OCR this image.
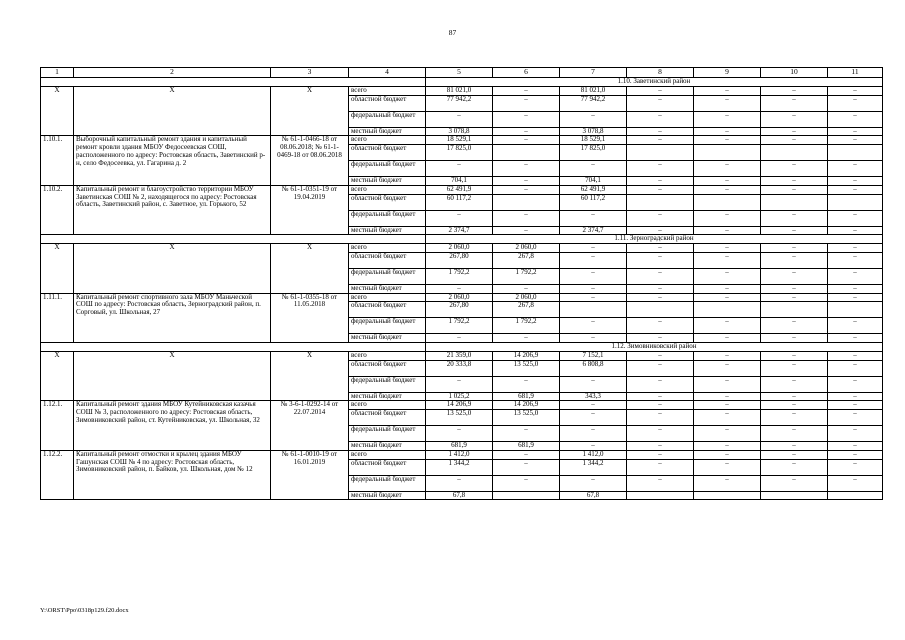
87
1	2	3	4	5	6	7	8	9	10	11
				1.10. Заветинский район						
Х	Х	Х	всего	81 021,0	–	81 021,0	–	–	–	–
			областной бюджет	77 942,2	–	77 942,2	–	–	–	–
			федеральный бюджет	–	–	–	–	–	–	–
			местный бюджет	3 078,8	–	3 078,8	–	–	–	–
1.10.1.	Выборочный капитальный ремонт здания и капитальный ремонт кровли здания МБОУ Федосеевская СОШ, расположенного по адресу: Ростовская область, Заветинский р-н, село Федосеевка, ул. Гагарина д. 2	№ 61-1-0466-18 от 08.06.2018; № 61-1-0469-18 от 08.06.2018	всего	18 529,1	–	18 529,1	–	–	–	–
			областной бюджет	17 825,0		17 825,0				
			федеральный бюджет	–	–	–	–	–	–	–
			местный бюджет	704,1	–	704,1	–	–	–	–
1.10.2.	Капитальный ремонт и благоустройство территории МБОУ Заветинская СОШ № 2, находящегося по адресу: Ростовская область, Заветинский район, с. Заветное, ул. Горького, 52	№ 61-1-0351-19 от 19.04.2019	всего	62 491,9	–	62 491,9	–	–	–	–
			областной бюджет	60 117,2		60 117,2				
			федеральный бюджет	–	–	–	–	–	–	–
			местный бюджет	2 374,7	–	2 374,7	–	–	–	–
				1.11. Зерноградский район						
Х	Х	Х	всего	2 060,0	2 060,0	–	–	–	–	–
			областной бюджет	267,80	267,8	–	–	–	–	–
			федеральный бюджет	1 792,2	1 792,2	–	–	–	–	–
			местный бюджет	–	–	–	–	–	–	–
1.11.1.	Капитальный ремонт спортивного зала МБОУ Маньческой СОШ по адресу: Ростовская область, Зерноградский район, п. Сорговый, ул. Школьная, 27	№ 61-1-0355-18 от 11.05.2018	всего	2 060,0	2 060,0	–	–	–	–	–
			областной бюджет	267,80	267,8					
			федеральный бюджет	1 792,2	1 792,2	–	–	–	–	–
			местный бюджет	–	–	–	–	–	–	–
				1.12. Зимовниковский район						
Х	Х	Х	всего	21 359,0	14 206,9	7 152,1	–	–	–	–
			областной бюджет	20 333,8	13 525,0	6 808,8	–	–	–	–
			федеральный бюджет	–	–	–	–	–	–	–
			местный бюджет	1 025,2	681,9	343,3	–	–	–	–
1.12.1.	Капитальный ремонт здания МБОУ Кутейниковская казачья СОШ № 3, расположенного по адресу: Ростовская область, Зимовниковский район, ст. Кутейниковская, ул. Школьная, 32	№ 3-6-1-0292-14 от 22.07.2014	всего	14 206,9	14 206,9	–	–	–	–	–
			областной бюджет	13 525,0	13 525,0	–	–	–	–	–
			федеральный бюджет	–	–	–	–	–	–	–
			местный бюджет	681,9	681,9	–	–	–	–	–
1.12.2.	Капитальный ремонт отмостки и крылец здания МБОУ Гашунская СОШ № 4 по адресу: Ростовская область, Зимовниковский район, п. Байков, ул. Школьная, дом № 12	№ 61-1-0010-19 от 16.01.2019	всего	1 412,0	–	1 412,0	–	–	–	–
			областной бюджет	1 344,2	–	1 344,2	–	–	–	–
			федеральный бюджет	–	–	–	–	–	–	–
			местный бюджет	67,8		67,8				
Y:\ORST\Ppo\0318p129.f20.docx
